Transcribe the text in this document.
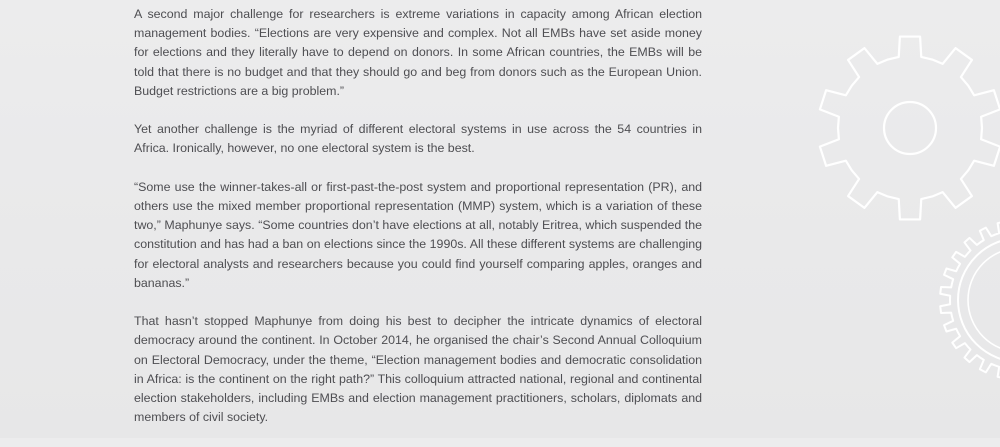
A second major challenge for researchers is extreme variations in capacity among African election management bodies. “Elections are very expensive and complex. Not all EMBs have set aside money for elections and they literally have to depend on donors. In some African countries, the EMBs will be told that there is no budget and that they should go and beg from donors such as the European Union. Budget restrictions are a big problem.”

Yet another challenge is the myriad of different electoral systems in use across the 54 countries in Africa. Ironically, however, no one electoral system is the best.

“Some use the winner-takes-all or first-past-the-post system and proportional representation (PR), and others use the mixed member proportional representation (MMP) system, which is a variation of these two,” Maphunye says. “Some countries don’t have elections at all, notably Eritrea, which suspended the constitution and has had a ban on elections since the 1990s. All these different systems are challenging for electoral analysts and researchers because you could find yourself comparing apples, oranges and bananas.”

That hasn’t stopped Maphunye from doing his best to decipher the intricate dynamics of electoral democracy around the continent. In October 2014, he organised the chair’s Second Annual Colloquium on Electoral Democracy, under the theme, “Election management bodies and democratic consolidation in Africa: is the continent on the right path?” This colloquium attracted national, regional and continental election stakeholders, including EMBs and election management practitioners, scholars, diplomats and members of civil society.
